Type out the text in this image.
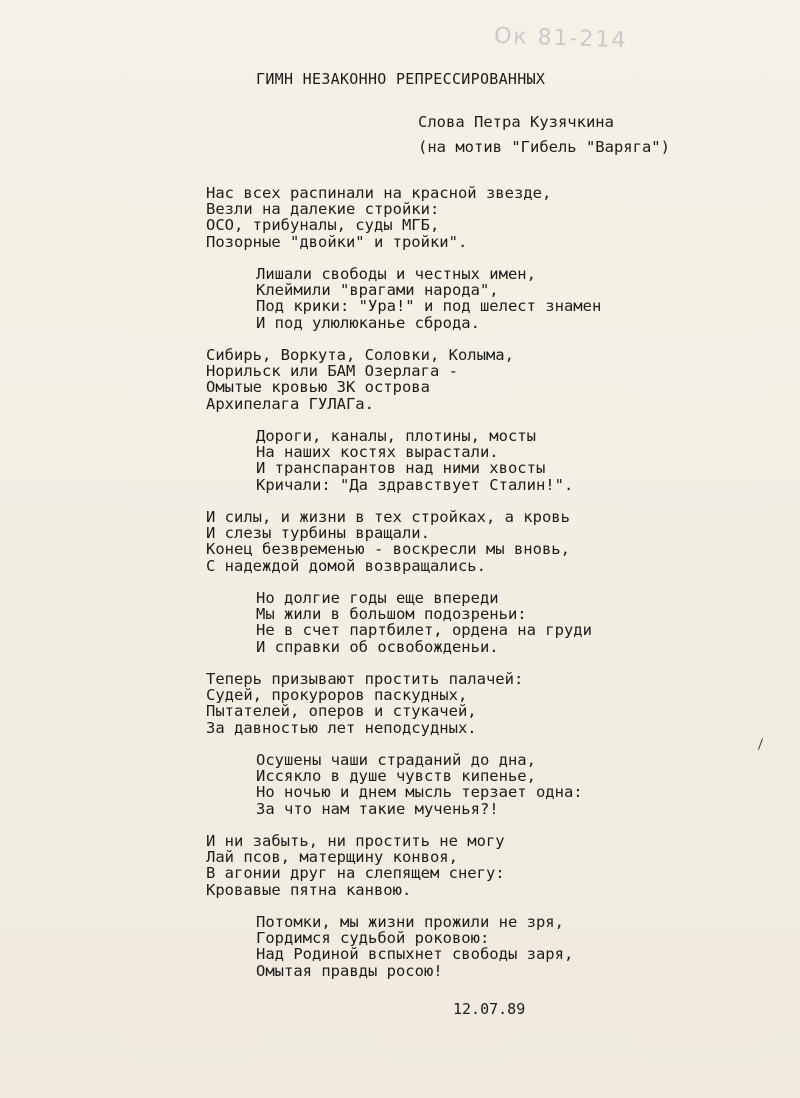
Ок 81-214
ГИМН НЕЗАКОННО РЕПРЕССИРОВАННЫХ
Слова Петра Кузячкина
(на мотив "Гибель "Варяга")
Нас всех распинали на красной звезде,
Везли на далекие стройки:
ОСО, трибуналы, суды МГБ,
Позорные "двойки" и тройки".
Лишали свободы и честных имен,
Клеймили "врагами народа",
Под крики: "Ура!" и под шелест знамен
И под улюлюканье сброда.
Сибирь, Воркута, Соловки, Колыма,
Норильск или БАМ Озерлага -
Омытые кровью ЗК острова
Архипелага ГУЛАГа.
Дороги, каналы, плотины, мосты
На наших костях вырастали.
И транспарантов над ними хвосты
Кричали: "Да здравствует Сталин!".
И силы, и жизни в тех стройках, а кровь
И слезы турбины вращали.
Конец безвременью - воскресли мы вновь,
С надеждой домой возвращались.
Но долгие годы еще впереди
Мы жили в большом подозреньи:
Не в счет партбилет, ордена на груди
И справки об освобожденьи.
Теперь призывают простить палачей:
Судей, прокуроров паскудных,
Пытателей, оперов и стукачей,
За давностью лет неподсудных.
Осушены чаши страданий до дна,
Иссякло в душе чувств кипенье,
Но ночью и днем мысль терзает одна:
За что нам такие мученья?!
И ни забыть, ни простить не могу
Лай псов, матерщину конвоя,
В агонии друг на слепящем снегу:
Кровавые пятна канвою.
Потомки, мы жизни прожили не зря,
Гордимся судьбой роковою:
Над Родиной вспыхнет свободы заря,
Омытая правды росою!
12.07.89
